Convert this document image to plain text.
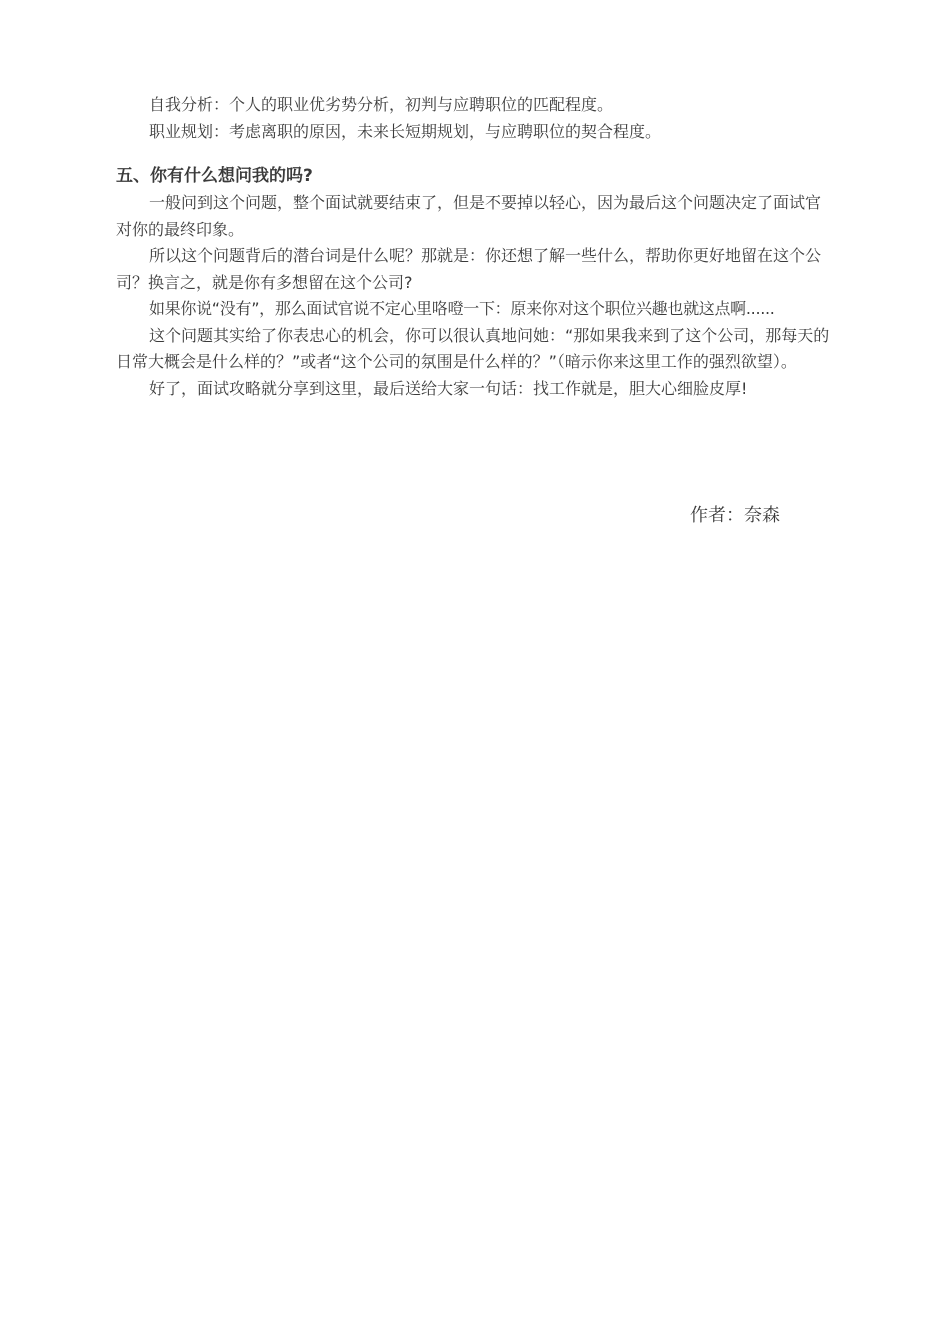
自我分析：个人的职业优劣势分析，初判与应聘职位的匹配程度。

职业规划：考虑离职的原因，未来长短期规划，与应聘职位的契合程度。

五、你有什么想问我的吗?

一般问到这个问题，整个面试就要结束了，但是不要掉以轻心，因为最后这个问题决定了面试官对你的最终印象。

所以这个问题背后的潜台词是什么呢？那就是：你还想了解一些什么，帮助你更好地留在这个公司？换言之，就是你有多想留在这个公司?

如果你说“没有”，那么面试官说不定心里咯噔一下：原来你对这个职位兴趣也就这点啊......

这个问题其实给了你表忠心的机会，你可以很认真地问她：“那如果我来到了这个公司，那每天的日常大概会是什么样的？”或者“这个公司的氛围是什么样的？”（暗示你来这里工作的强烈欲望）。

好了，面试攻略就分享到这里，最后送给大家一句话：找工作就是，胆大心细脸皮厚!

作者：奈森
